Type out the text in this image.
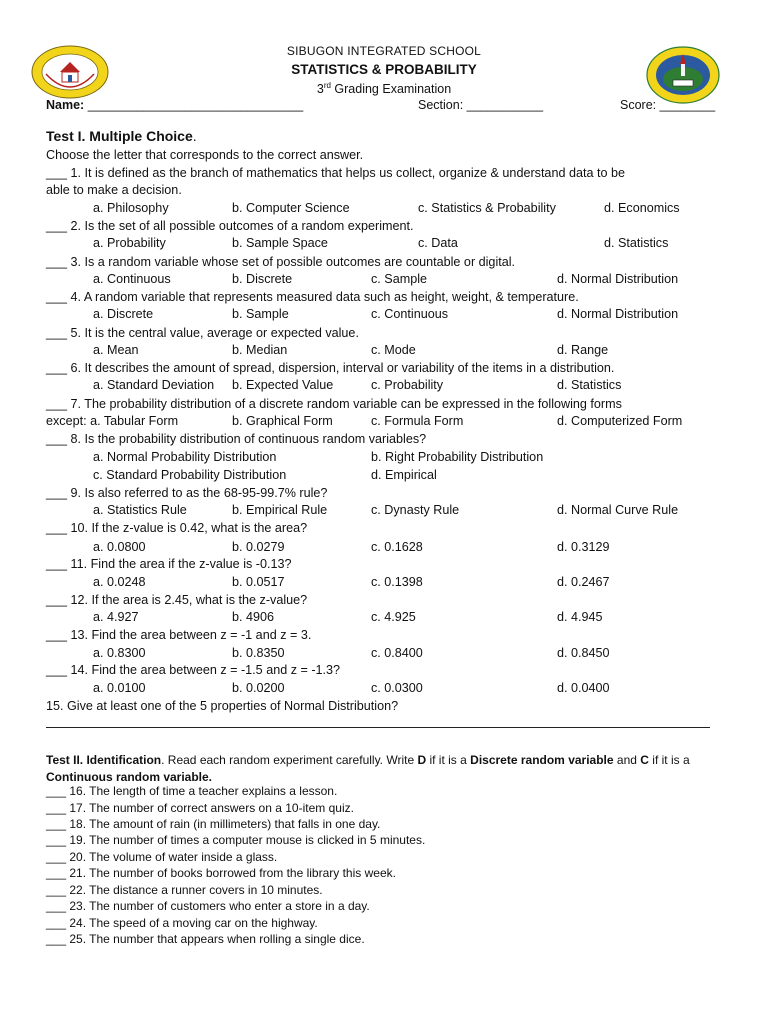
SIBUGON INTEGRATED SCHOOL
STATISTICS & PROBABILITY
3rd Grading Examination
Name: _______________________________	Section: ___________	Score: ________
Test I. Multiple Choice.
Choose the letter that corresponds to the correct answer.
___ 1. It is defined as the branch of mathematics that helps us collect, organize & understand data to be
able to make a decision.
a. Philosophy	b. Computer Science	c. Statistics & Probability	d. Economics
___ 2. Is the set of all possible outcomes of a random experiment.
a. Probability	b. Sample Space	c. Data	d. Statistics
___ 3. Is a random variable whose set of possible outcomes are countable or digital.
a. Continuous	b. Discrete	c. Sample	d. Normal Distribution
___ 4. A random variable that represents measured data such as height, weight, & temperature.
a. Discrete	b. Sample	c. Continuous	d. Normal Distribution
___ 5. It is the central value, average or expected value.
a. Mean	b. Median	c. Mode	d. Range
___ 6. It describes the amount of spread, dispersion, interval or variability of the items in a distribution.
a. Standard Deviation b. Expected Value	c. Probability	d. Statistics
___ 7. The probability distribution of a discrete random variable can be expressed in the following forms
except: a. Tabular Form	b. Graphical Form	c. Formula Form	d. Computerized Form
___ 8. Is the probability distribution of continuous random variables?
a. Normal Probability Distribution	b. Right Probability Distribution
c. Standard Probability Distribution	d. Empirical
___ 9. Is also referred to as the 68-95-99.7% rule?
a. Statistics Rule	b. Empirical Rule	c. Dynasty Rule	d. Normal Curve Rule
___ 10. If the z-value is 0.42, what is the area?
a. 0.0800	b. 0.0279	c. 0.1628	d. 0.3129
___ 11. Find the area if the z-value is -0.13?
a. 0.0248	b. 0.0517	c. 0.1398	d. 0.2467
___ 12. If the area is 2.45, what is the z-value?
a. 4.927	b. 4906	c. 4.925	d. 4.945
___ 13. Find the area between z = -1 and z = 3.
a. 0.8300	b. 0.8350	c. 0.8400	d. 0.8450
___ 14. Find the area between z = -1.5 and z = -1.3?
a. 0.0100	b. 0.0200	c. 0.0300	d. 0.0400
15. Give at least one of the 5 properties of Normal Distribution?
Test II. Identification. Read each random experiment carefully. Write D if it is a Discrete random variable and C if it is a Continuous random variable.
___ 16. The length of time a teacher explains a lesson.
___ 17. The number of correct answers on a 10-item quiz.
___ 18. The amount of rain (in millimeters) that falls in one day.
___ 19. The number of times a computer mouse is clicked in 5 minutes.
___ 20. The volume of water inside a glass.
___ 21. The number of books borrowed from the library this week.
___ 22. The distance a runner covers in 10 minutes.
___ 23. The number of customers who enter a store in a day.
___ 24. The speed of a moving car on the highway.
___ 25. The number that appears when rolling a single dice.
